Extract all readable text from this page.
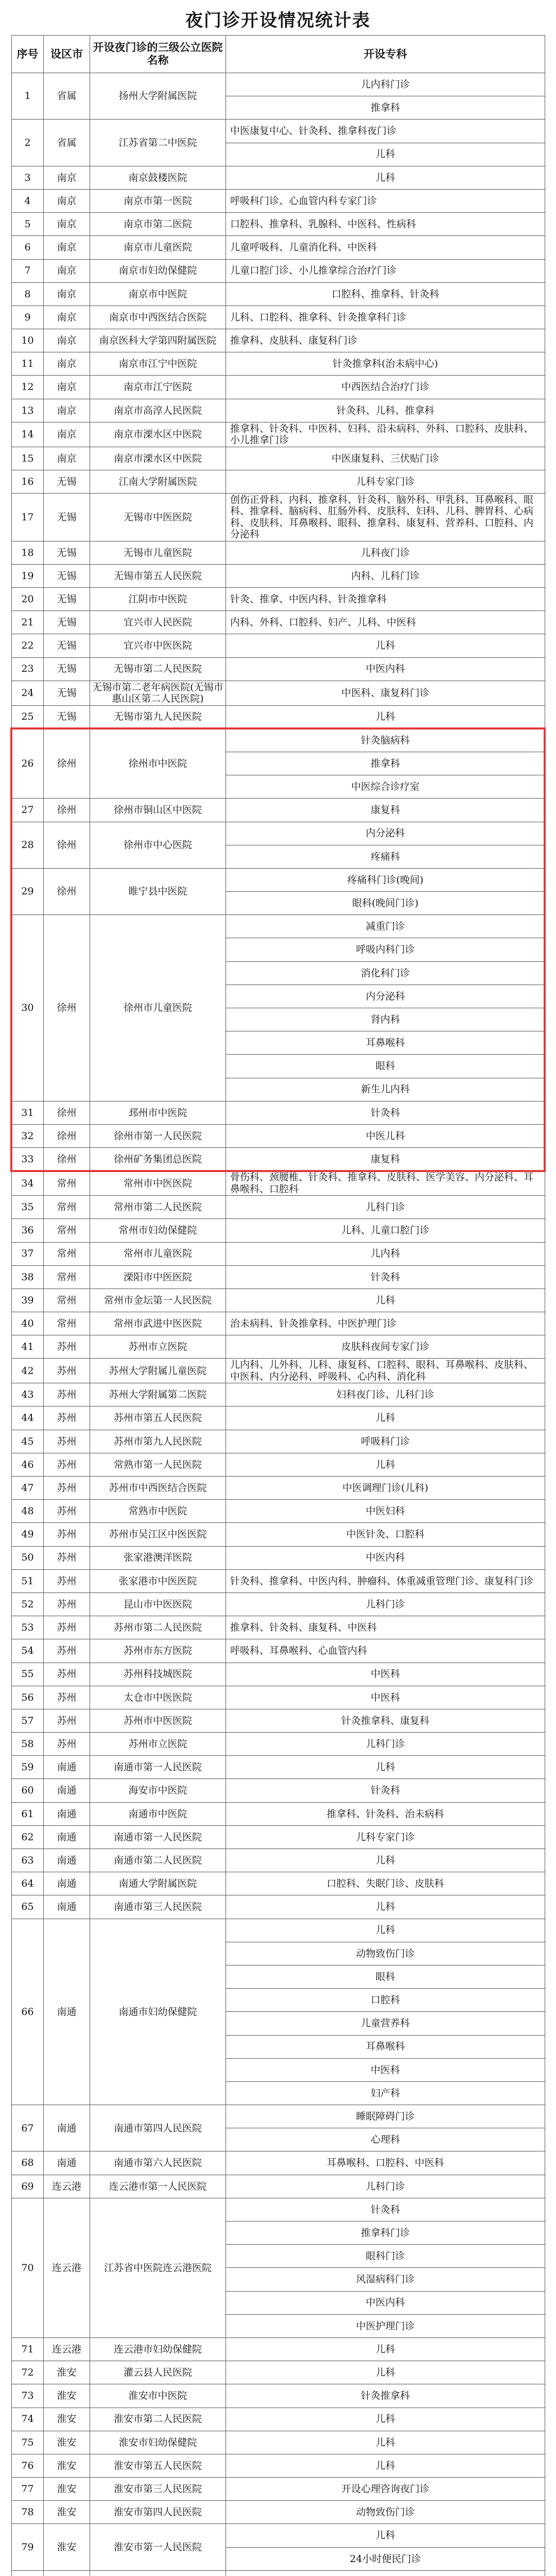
夜门诊开设情况统计表
序号	设区市	开设夜门诊的三级公立医院名称	开设专科
1	省属	扬州大学附属医院	儿内科门诊
			推拿科
2	省属	江苏省第二中医院	中医康复中心、针灸科、推拿科夜门诊
			儿科
3	南京	南京鼓楼医院	儿科
4	南京	南京市第一医院	呼吸科门诊、心血管内科专家门诊
5	南京	南京市第二医院	口腔科、推拿科、乳腺科、中医科、性病科
6	南京	南京市儿童医院	儿童呼吸科、儿童消化科、中医科
7	南京	南京市妇幼保健院	儿童口腔门诊、小儿推拿综合治疗门诊
8	南京	南京市中医院	口腔科、推拿科、针灸科
9	南京	南京市中西医结合医院	儿科、口腔科、推拿科、针灸推拿科门诊
10	南京	南京医科大学第四附属医院	推拿科、皮肤科、康复科门诊
11	南京	南京市江宁中医院	针灸推拿科(治未病中心)
12	南京	南京市江宁医院	中西医结合治疗门诊
13	南京	南京市高淳人民医院	针灸科、儿科、推拿科
14	南京	南京市溧水区中医院	推拿科、针灸科、中医科、妇科、沿未病科、外科、口腔科、皮肤科、小儿推拿门诊
15	南京	南京市溧水区中医院	中医康复科、三伏贴门诊
16	无锡	江南大学附属医院	儿科专家门诊
17	无锡	无锡市中医医院	创伤正骨科、内科、推拿科、针灸科、脑外科、甲乳科、耳鼻喉科、眼科、推拿科、脑病科、肛肠外科、皮肤科、妇科、儿科、脾胃科、心病科、皮肤科、耳鼻喉科、眼科、推拿科、康复科、营养科、口腔科、内分泌科
18	无锡	无锡市儿童医院	儿科夜门诊
19	无锡	无锡市第五人民医院	内科、儿科门诊
20	无锡	江阴市中医院	针灸、推拿、中医内科、针灸推拿科
21	无锡	宜兴市人民医院	内科、外科、口腔科、妇产、儿科、中医科
22	无锡	宜兴市中医医院	儿科
23	无锡	无锡市第二人民医院	中医内科
24	无锡	无锡市第二老年病医院(无锡市惠山区第二人民医院)	中医科、康复科门诊
25	无锡	无锡市第九人民医院	儿科
26	徐州	徐州市中医院	针灸脑病科
			推拿科
			中医综合诊疗室
27	徐州	徐州市铜山区中医院	康复科
28	徐州	徐州市中心医院	内分泌科
			疼痛科
29	徐州	睢宁县中医院	疼痛科门诊(晚间)
			眼科(晚间门诊)
30	徐州	徐州市儿童医院	减重门诊
			呼吸内科门诊
			消化科门诊
			内分泌科
			肾内科
			耳鼻喉科
			眼科
			新生儿内科
31	徐州	邳州市中医院	针灸科
32	徐州	徐州市第一人民医院	中医儿科
33	徐州	徐州矿务集团总医院	康复科
34	常州	常州市中医医院	骨伤科、颈腰椎、针灸科、推拿科、皮肤科、医学美容、内分泌科、耳鼻喉科、口腔科
35	常州	常州市第二人民医院	儿科门诊
36	常州	常州市妇幼保健院	儿科、儿童口腔门诊
37	常州	常州市儿童医院	儿内科
38	常州	溧阳市中医医院	针灸科
39	常州	常州市金坛第一人民医院	儿科
40	常州	常州市武进中医医院	治未病科、针灸推拿科、中医护理门诊
41	苏州	苏州市立医院	皮肤科夜间专家门诊
42	苏州	苏州大学附属儿童医院	儿内科、儿外科、儿科、康复科、口腔科、眼科、耳鼻喉科、皮肤科、中医科、内分泌科、呼吸科、心内科、消化科
43	苏州	苏州大学附属第二医院	妇科夜门诊、儿科门诊
44	苏州	苏州市第五人民医院	儿科
45	苏州	苏州市第九人民医院	呼吸科门诊
46	苏州	常熟市第一人民医院	儿科
47	苏州	苏州市中西医结合医院	中医调理门诊(儿科)
48	苏州	常熟市中医院	中医妇科
49	苏州	苏州市吴江区中医医院	中医针灸、口腔科
50	苏州	张家港澳洋医院	中医内科
51	苏州	张家港市中医医院	针灸科、推拿科、中医内科、肿瘤科、体重减重管理门诊、康复科门诊
52	苏州	昆山市中医医院	儿科门诊
53	苏州	苏州市第二人民医院	推拿科、针灸科、康复科、中医科
54	苏州	苏州市东方医院	呼吸科、耳鼻喉科、心血管内科
55	苏州	苏州科技城医院	中医科
56	苏州	太仓市中医医院	中医科
57	苏州	苏州市中医医院	针灸推拿科、康复科
58	苏州	苏州市立医院	儿科门诊
59	南通	南通市第一人民医院	儿科
60	南通	海安市中医院	针灸科
61	南通	南通市中医院	推拿科、针灸科、治未病科
62	南通	南通市第一人民医院	儿科专家门诊
63	南通	南通市第二人民医院	儿科
64	南通	南通大学附属医院	口腔科、失眠门诊、皮肤科
65	南通	南通市第三人民医院	儿科
66	南通	南通市妇幼保健院	儿科
			动物致伤门诊
			眼科
			口腔科
			儿童营养科
			耳鼻喉科
			中医科
			妇产科
67	南通	南通市第四人民医院	睡眠障碍门诊
			心理科
68	南通	南通市第六人民医院	耳鼻喉科、口腔科、中医科
69	连云港	连云港市第一人民医院	儿科门诊
70	连云港	江苏省中医院连云港医院	针灸科
			推拿科门诊
			眼科门诊
			风湿病科门诊
			中医内科
			中医护理门诊
71	连云港	连云港市妇幼保健院	儿科
72	淮安	灌云县人民医院	儿科
73	淮安	淮安市中医院	针灸推拿科
74	淮安	淮安市第二人民医院	儿科
75	淮安	淮安市妇幼保健院	儿科
76	淮安	淮安市第五人民医院	儿科
77	淮安	淮安市第三人民医院	开设心理咨询夜门诊
78	淮安	淮安市第四人民医院	动物致伤门诊
79	淮安	淮安市第一人民医院	儿科
			24小时便民门诊
